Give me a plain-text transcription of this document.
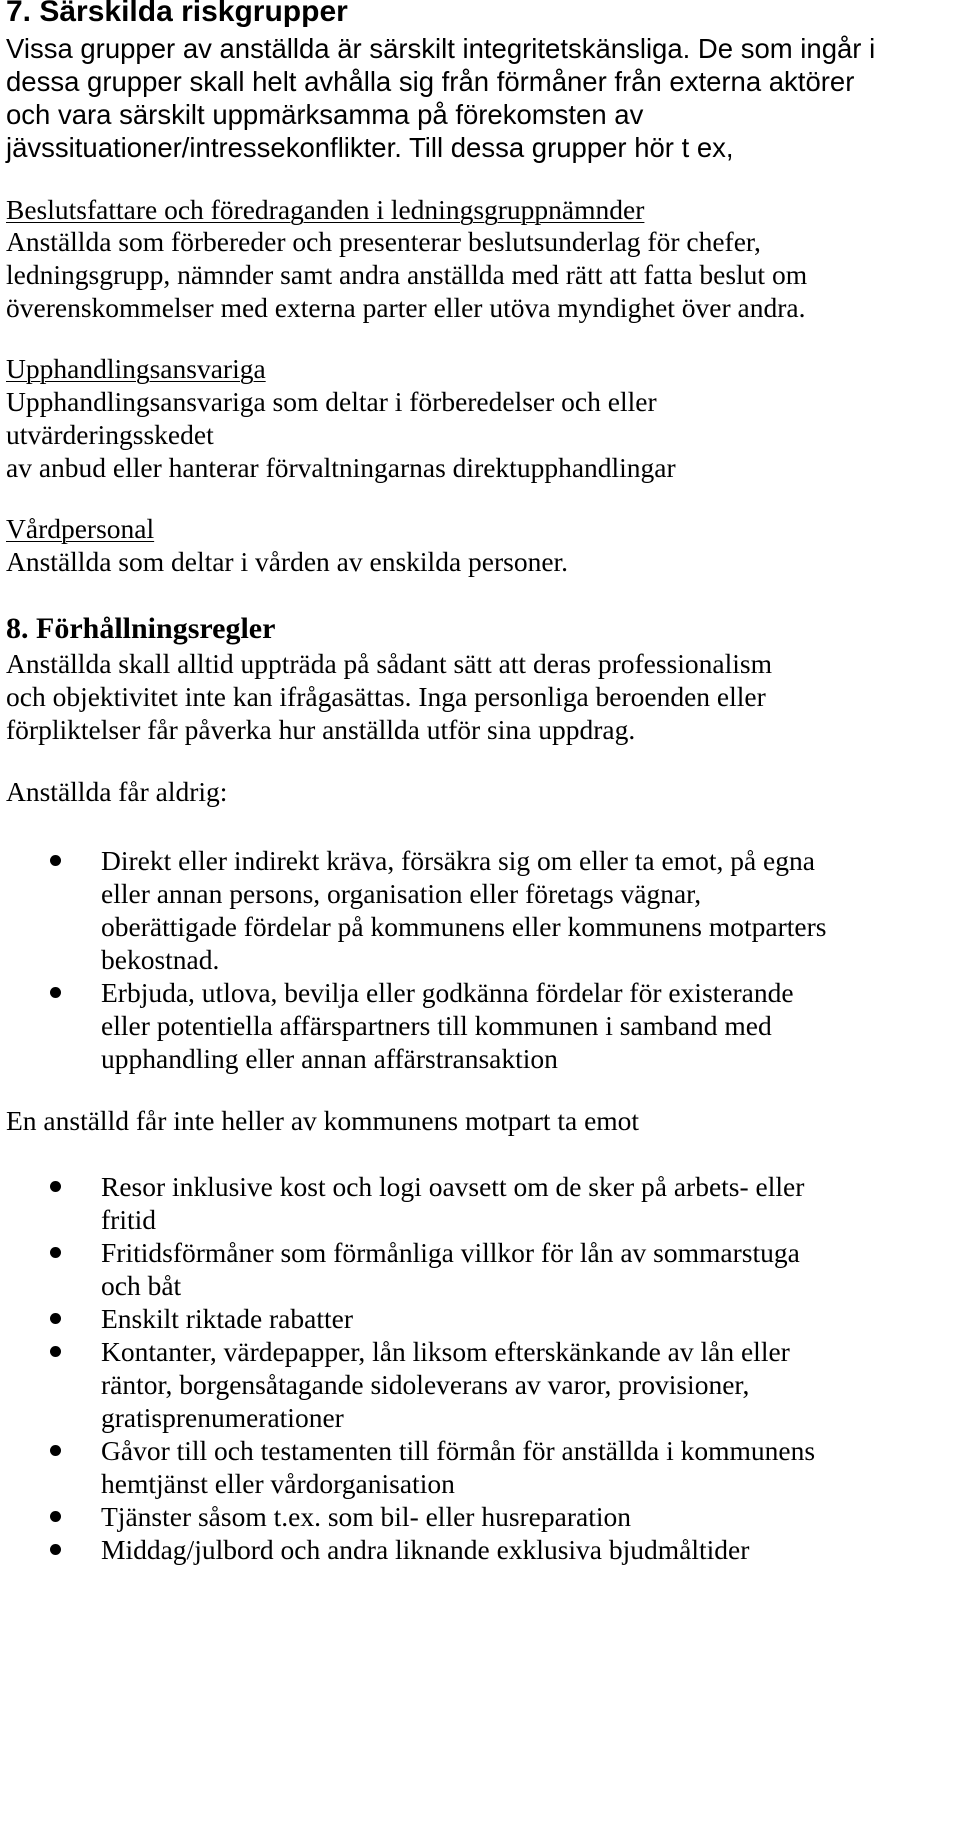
7. Särskilda riskgrupper
Vissa grupper av anställda är särskilt integritetskänsliga. De som ingår i
dessa grupper skall helt avhålla sig från förmåner från externa aktörer
och vara särskilt uppmärksamma på förekomsten av
jävssituationer/intressekonflikter. Till dessa grupper hör t ex,
Beslutsfattare och föredraganden i ledningsgruppnämnder
Anställda som förbereder och presenterar beslutsunderlag för chefer,
ledningsgrupp, nämnder samt andra anställda med rätt att fatta beslut om
överenskommelser med externa parter eller utöva myndighet över andra.
Upphandlingsansvariga
Upphandlingsansvariga som deltar i förberedelser och eller
utvärderingsskedet
av anbud eller hanterar förvaltningarnas direktupphandlingar
Vårdpersonal
Anställda som deltar i vården av enskilda personer.
8. Förhållningsregler
Anställda skall alltid uppträda på sådant sätt att deras professionalism
och objektivitet inte kan ifrågasättas. Inga personliga beroenden eller
förpliktelser får påverka hur anställda utför sina uppdrag.
Anställda får aldrig:
Direkt eller indirekt kräva, försäkra sig om eller ta emot, på egna
eller annan persons, organisation eller företags vägnar,
oberättigade fördelar på kommunens eller kommunens motparters
bekostnad.
Erbjuda, utlova, bevilja eller godkänna fördelar för existerande
eller potentiella affärspartners till kommunen i samband med
upphandling eller annan affärstransaktion
En anställd får inte heller av kommunens motpart ta emot
Resor inklusive kost och logi oavsett om de sker på arbets- eller
fritid
Fritidsförmåner som förmånliga villkor för lån av sommarstuga
och båt
Enskilt riktade rabatter
Kontanter, värdepapper, lån liksom efterskänkande av lån eller
räntor, borgensåtagande sidoleverans av varor, provisioner,
gratisprenumerationer
Gåvor till och testamenten till förmån för anställda i kommunens
hemtjänst eller vårdorganisation
Tjänster såsom t.ex. som bil- eller husreparation
Middag/julbord och andra liknande exklusiva bjudmåltider
